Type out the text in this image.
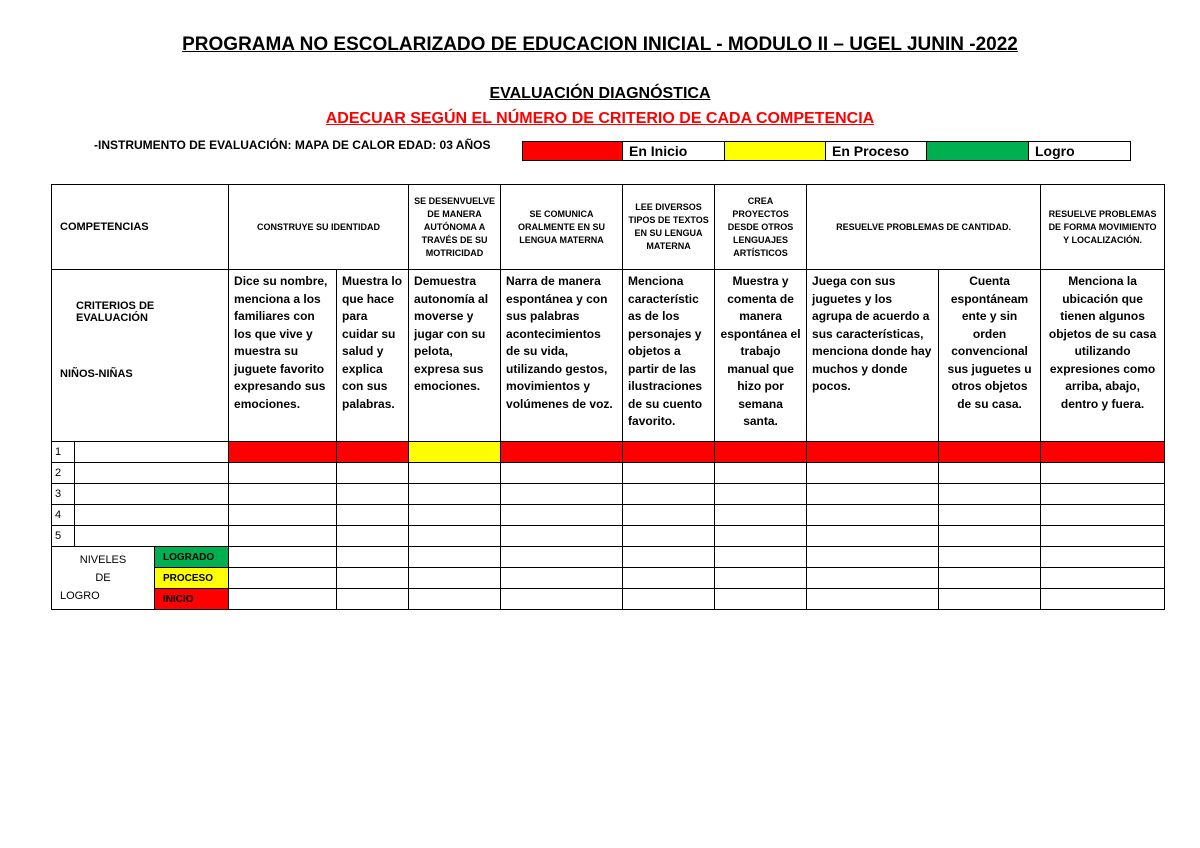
PROGRAMA NO ESCOLARIZADO DE EDUCACION INICIAL - MODULO II – UGEL JUNIN -2022
EVALUACIÓN DIAGNÓSTICA
ADECUAR SEGÚN EL NÚMERO DE CRITERIO DE CADA COMPETENCIA
-INSTRUMENTO DE EVALUACIÓN: MAPA DE CALOR EDAD: 03 AÑOS
		En Inicio		En Proceso		Logro
COMPETENCIAS			CONSTRUYE SU IDENTIDAD		SE DESENVUELVE DE MANERA AUTÓNOMA A TRAVÉS DE SU MOTRICIDAD	SE COMUNICA ORALMENTE EN SU LENGUA MATERNA	LEE DIVERSOS TIPOS DE TEXTOS EN SU LENGUA MATERNA	CREA PROYECTOS DESDE OTROS LENGUAJES ARTÍSTICOS	RESUELVE PROBLEMAS DE CANTIDAD.		RESUELVE PROBLEMAS DE FORMA MOVIMIENTO Y LOCALIZACIÓN.

CRITERIOS DE EVALUACIÓN
NIÑOS-NIÑAS			Dice su nombre, menciona a los familiares con los que vive y muestra su juguete favorito expresando sus emociones.	Muestra lo que hace para cuidar su salud y explica con sus palabras.	Demuestra autonomía al moverse y jugar con su pelota, expresa sus emociones.	Narra de manera espontánea y con sus palabras acontecimientos de su vida, utilizando gestos, movimientos y volúmenes de voz.	Menciona característic as de los personajes y objetos a partir de las ilustraciones de su cuento favorito.	Muestra y comenta de manera espontánea el trabajo manual que hizo por semana santa.	Juega con sus juguetes y los agrupa de acuerdo a sus características, menciona donde hay muchos y donde pocos.	Cuenta espontáneam ente y sin orden convencional sus juguetes u otros objetos de su casa.	Menciona la ubicación que tienen algunos objetos de su casa utilizando expresiones como arriba, abajo, dentro y fuera.
1											
2											
3											
4											
5											

NIVELES
DE
LOGRO		LOGRADO									
		PROCESO									
		INICIO									
